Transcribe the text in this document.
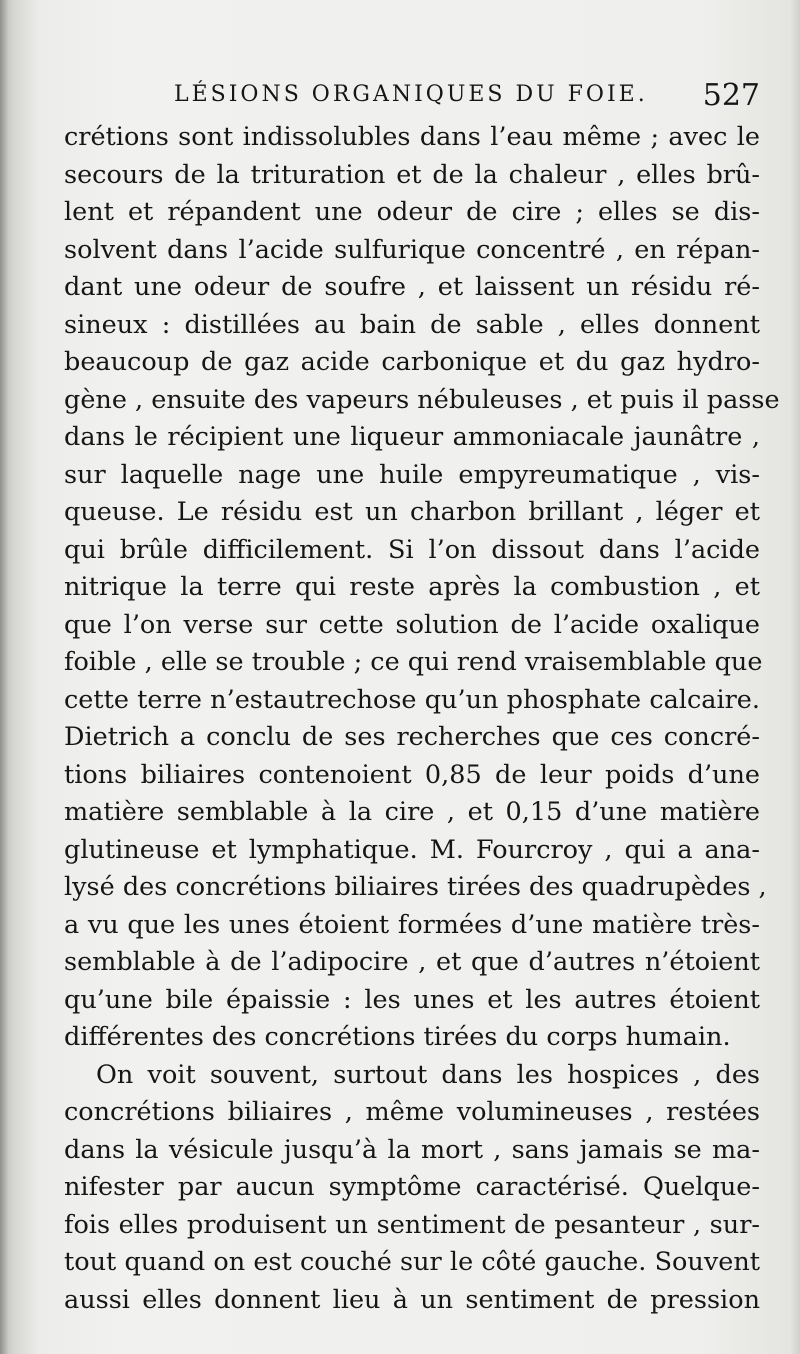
LÉSIONS ORGANIQUES DU FOIE. 527
crétions sont indissolubles dans l’eau même ; avec le
secours de la trituration et de la chaleur , elles brû-
lent et répandent une odeur de cire ; elles se dis-
solvent dans l’acide sulfurique concentré , en répan-
dant une odeur de soufre , et laissent un résidu ré-
sineux : distillées au bain de sable , elles donnent
beaucoup de gaz acide carbonique et du gaz hydro-
gène , ensuite des vapeurs nébuleuses , et puis il passe
dans le récipient une liqueur ammoniacale jaunâtre ,
sur laquelle nage une huile empyreumatique , vis-
queuse. Le résidu est un charbon brillant , léger et
qui brûle difficilement. Si l’on dissout dans l’acide
nitrique la terre qui reste après la combustion , et
que l’on verse sur cette solution de l’acide oxalique
foible , elle se trouble ; ce qui rend vraisemblable que
cette terre n’estautrechose qu’un phosphate calcaire.
Dietrich a conclu de ses recherches que ces concré-
tions biliaires contenoient 0,85 de leur poids d’une
matière semblable à la cire , et 0,15 d’une matière
glutineuse et lymphatique. M. Fourcroy , qui a ana-
lysé des concrétions biliaires tirées des quadrupèdes ,
a vu que les unes étoient formées d’une matière très-
semblable à de l’adipocire , et que d’autres n’étoient
qu’une bile épaissie : les unes et les autres étoient
différentes des concrétions tirées du corps humain.
On voit souvent, surtout dans les hospices , des
concrétions biliaires , même volumineuses , restées
dans la vésicule jusqu’à la mort , sans jamais se ma-
nifester par aucun symptôme caractérisé. Quelque-
fois elles produisent un sentiment de pesanteur , sur-
tout quand on est couché sur le côté gauche. Souvent
aussi elles donnent lieu à un sentiment de pression
